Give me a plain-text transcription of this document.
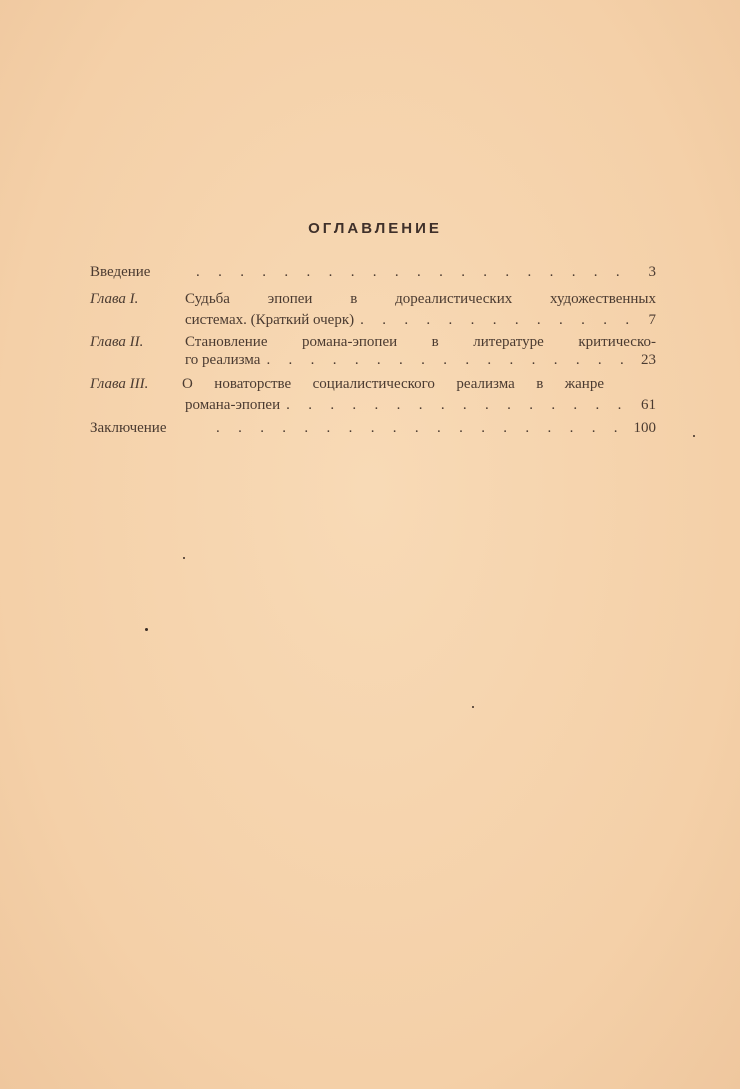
ОГЛАВЛЕНИЕ
Введение . . .	3
Глава I.	Судьба эпопеи в дореалистических художественных
системах. (Краткий очерк) . . .	7
Глава II.	Становление романа-эпопеи в литературе критическо-
го реализма . . .	23
Глава III.	О новаторстве социалистического реализма в жанре
романа-эпопеи . . .	61
Заключение . . .	100
